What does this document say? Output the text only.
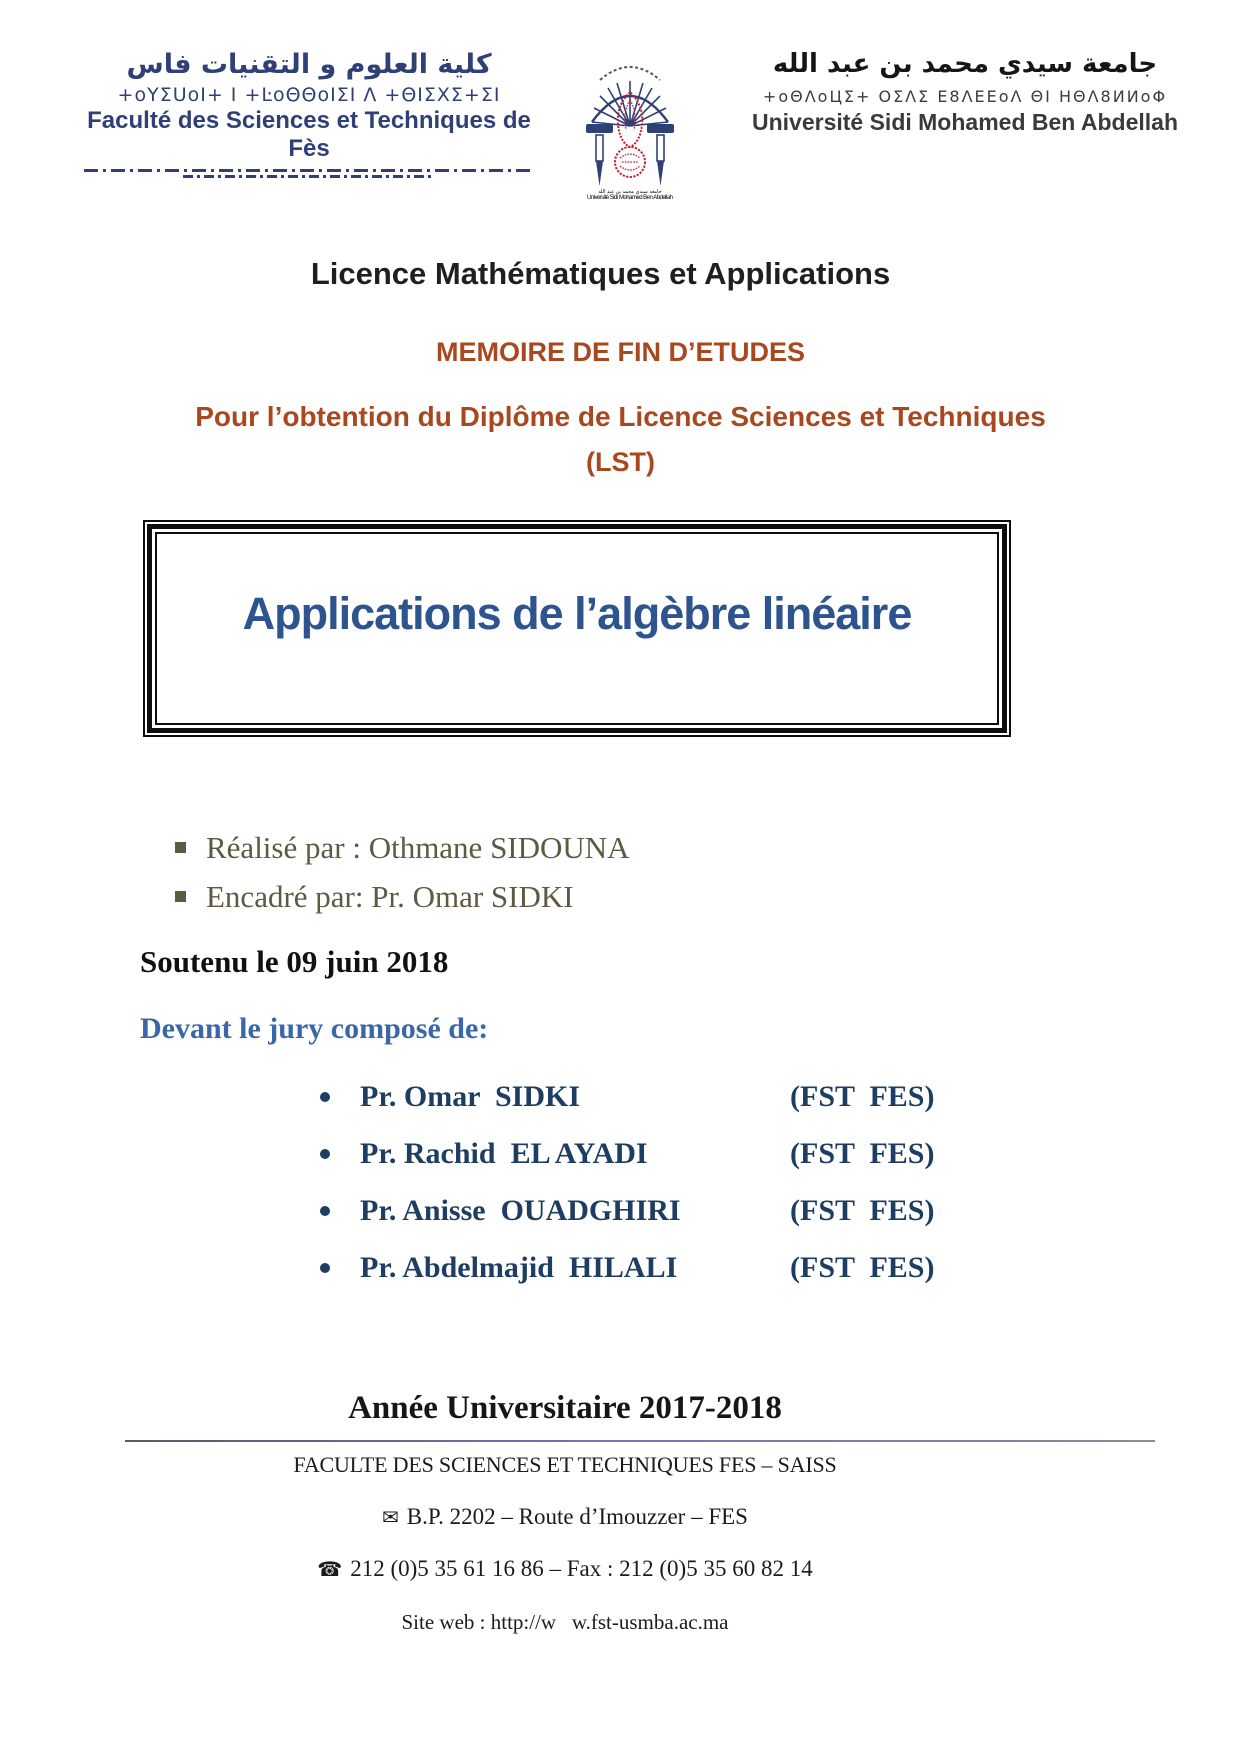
كلية العلوم و التقنيات فاس
+oYΣUoI+ I +ĿoΘΘoIΣI Λ +ΘIΣXΣ+ΣI
Faculté des Sciences et Techniques de Fès
جامعة سيدي محمد بن عبد الله
Université Sidi Mohamed Ben Abdellah
جامعة سيدي محمد بن عبد الله
+oΘΛoЦΣ+ ΟΣΛΣ Ε8ΛΕΕoΛ ΘΙ ΗΘΛ8ИИoΦ
Université Sidi Mohamed Ben Abdellah
Licence Mathématiques et Applications
MEMOIRE DE FIN D’ETUDES
Pour l’obtention du Diplôme de Licence Sciences et Techniques
(LST)
Applications de l’algèbre linéaire
Réalisé par : Othmane SIDOUNA
Encadré par: Pr. Omar SIDKI
Soutenu le 09 juin 2018
Devant le jury composé de:
Pr. Omar  SIDKI	(FST  FES)
Pr. Rachid  EL AYADI	(FST  FES)
Pr. Anisse  OUADGHIRI	(FST  FES)
Pr. Abdelmajid  HILALI	(FST  FES)
Année Universitaire 2017-2018
FACULTE DES SCIENCES ET TECHNIQUES FES – SAISS
✉ B.P. 2202 – Route d’Imouzzer – FES
☎ 212 (0)5 35 61 16 86 – Fax : 212 (0)5 35 60 82 14
Site web : http://w   w.fst-usmba.ac.ma
